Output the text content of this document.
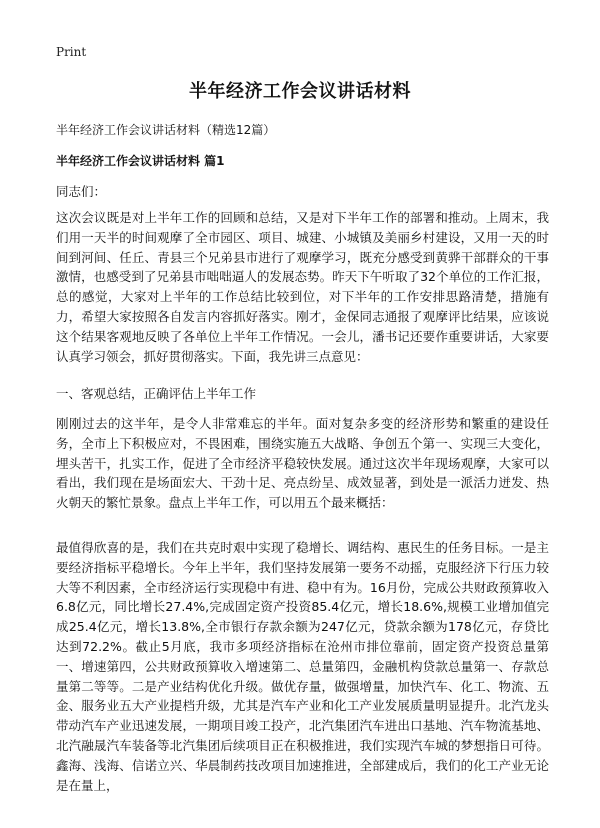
Print
半年经济工作会议讲话材料
半年经济工作会议讲话材料（精选12篇）
半年经济工作会议讲话材料 篇1
同志们：
这次会议既是对上半年工作的回顾和总结，又是对下半年工作的部署和推动。上周末，我们用一天半的时间观摩了全市园区、项目、城建、小城镇及美丽乡村建设，又用一天的时间到河间、任丘、青县三个兄弟县市进行了观摩学习，既充分感受到黄骅干部群众的干事激情，也感受到了兄弟县市咄咄逼人的发展态势。昨天下午听取了32个单位的工作汇报，总的感觉，大家对上半年的工作总结比较到位，对下半年的工作安排思路清楚，措施有力，希望大家按照各自发言内容抓好落实。刚才，金保同志通报了观摩评比结果，应该说这个结果客观地反映了各单位上半年工作情况。一会儿，潘书记还要作重要讲话，大家要认真学习领会，抓好贯彻落实。下面，我先讲三点意见：
一、客观总结，正确评估上半年工作
刚刚过去的这半年，是令人非常难忘的半年。面对复杂多变的经济形势和繁重的建设任务，全市上下积极应对，不畏困难，围绕实施五大战略、争创五个第一、实现三大变化，埋头苦干，扎实工作，促进了全市经济平稳较快发展。通过这次半年现场观摩，大家可以看出，我们现在是场面宏大、干劲十足、亮点纷呈、成效显著，到处是一派活力迸发、热火朝天的繁忙景象。盘点上半年工作，可以用五个最来概括：
最值得欣喜的是，我们在共克时艰中实现了稳增长、调结构、惠民生的任务目标。一是主要经济指标平稳增长。今年上半年，我们坚持发展第一要务不动摇，克服经济下行压力较大等不利因素，全市经济运行实现稳中有进、稳中有为。16月份，完成公共财政预算收入6.8亿元，同比增长27.4%,完成固定资产投资85.4亿元，增长18.6%,规模工业增加值完成25.4亿元，增长13.8%,全市银行存款余额为247亿元，贷款余额为178亿元，存贷比达到72.2%。截止5月底，我市多项经济指标在沧州市排位靠前，固定资产投资总量第一、增速第四，公共财政预算收入增速第二、总量第四，金融机构贷款总量第一、存款总量第二等等。二是产业结构优化升级。做优存量，做强增量，加快汽车、化工、物流、五金、服务业五大产业提档升级，尤其是汽车产业和化工产业发展质量明显提升。北汽龙头带动汽车产业迅速发展，一期项目竣工投产，北汽集团汽车进出口基地、汽车物流基地、北汽融晟汽车装备等北汽集团后续项目正在积极推进，我们实现汽车城的梦想指日可待。鑫海、浅海、信诺立兴、华晨制药技改项目加速推进，全部建成后，我们的化工产业无论是在量上，
